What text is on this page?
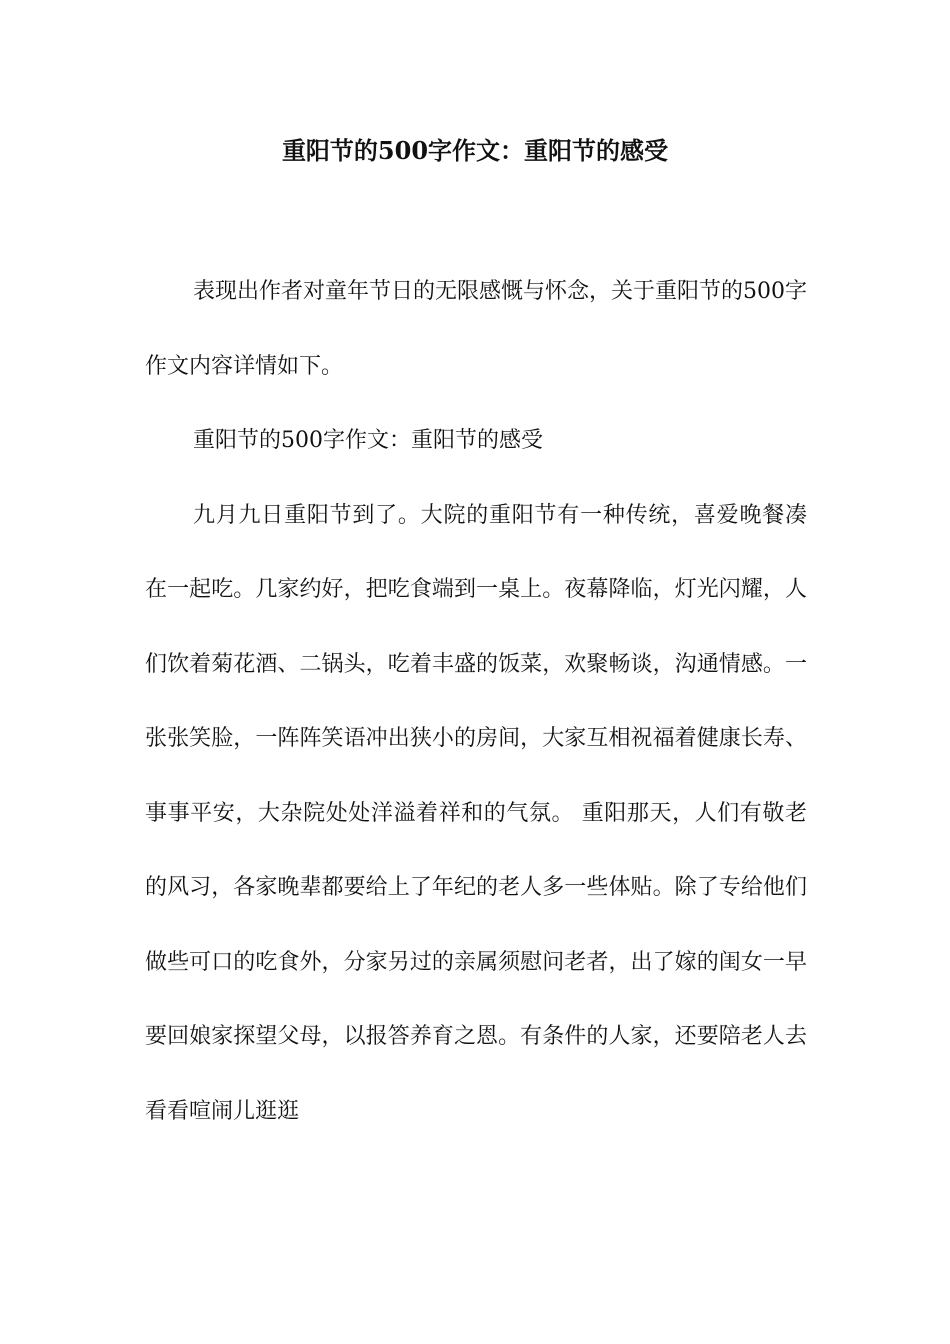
重阳节的500字作文：重阳节的感受

表现出作者对童年节日的无限感慨与怀念，关于重阳节的500字作文内容详情如下。

重阳节的500字作文：重阳节的感受

九月九日重阳节到了。大院的重阳节有一种传统，喜爱晚餐凑在一起吃。几家约好，把吃食端到一桌上。夜幕降临，灯光闪耀，人们饮着菊花酒、二锅头，吃着丰盛的饭菜，欢聚畅谈，沟通情感。一张张笑脸，一阵阵笑语冲出狭小的房间，大家互相祝福着健康长寿、事事平安，大杂院处处洋溢着祥和的气氛。 重阳那天，人们有敬老的风习，各家晚辈都要给上了年纪的老人多一些体贴。除了专给他们做些可口的吃食外，分家另过的亲属须慰问老者，出了嫁的闺女一早要回娘家探望父母，以报答养育之恩。有条件的人家，还要陪老人去看看喧闹儿逛逛
